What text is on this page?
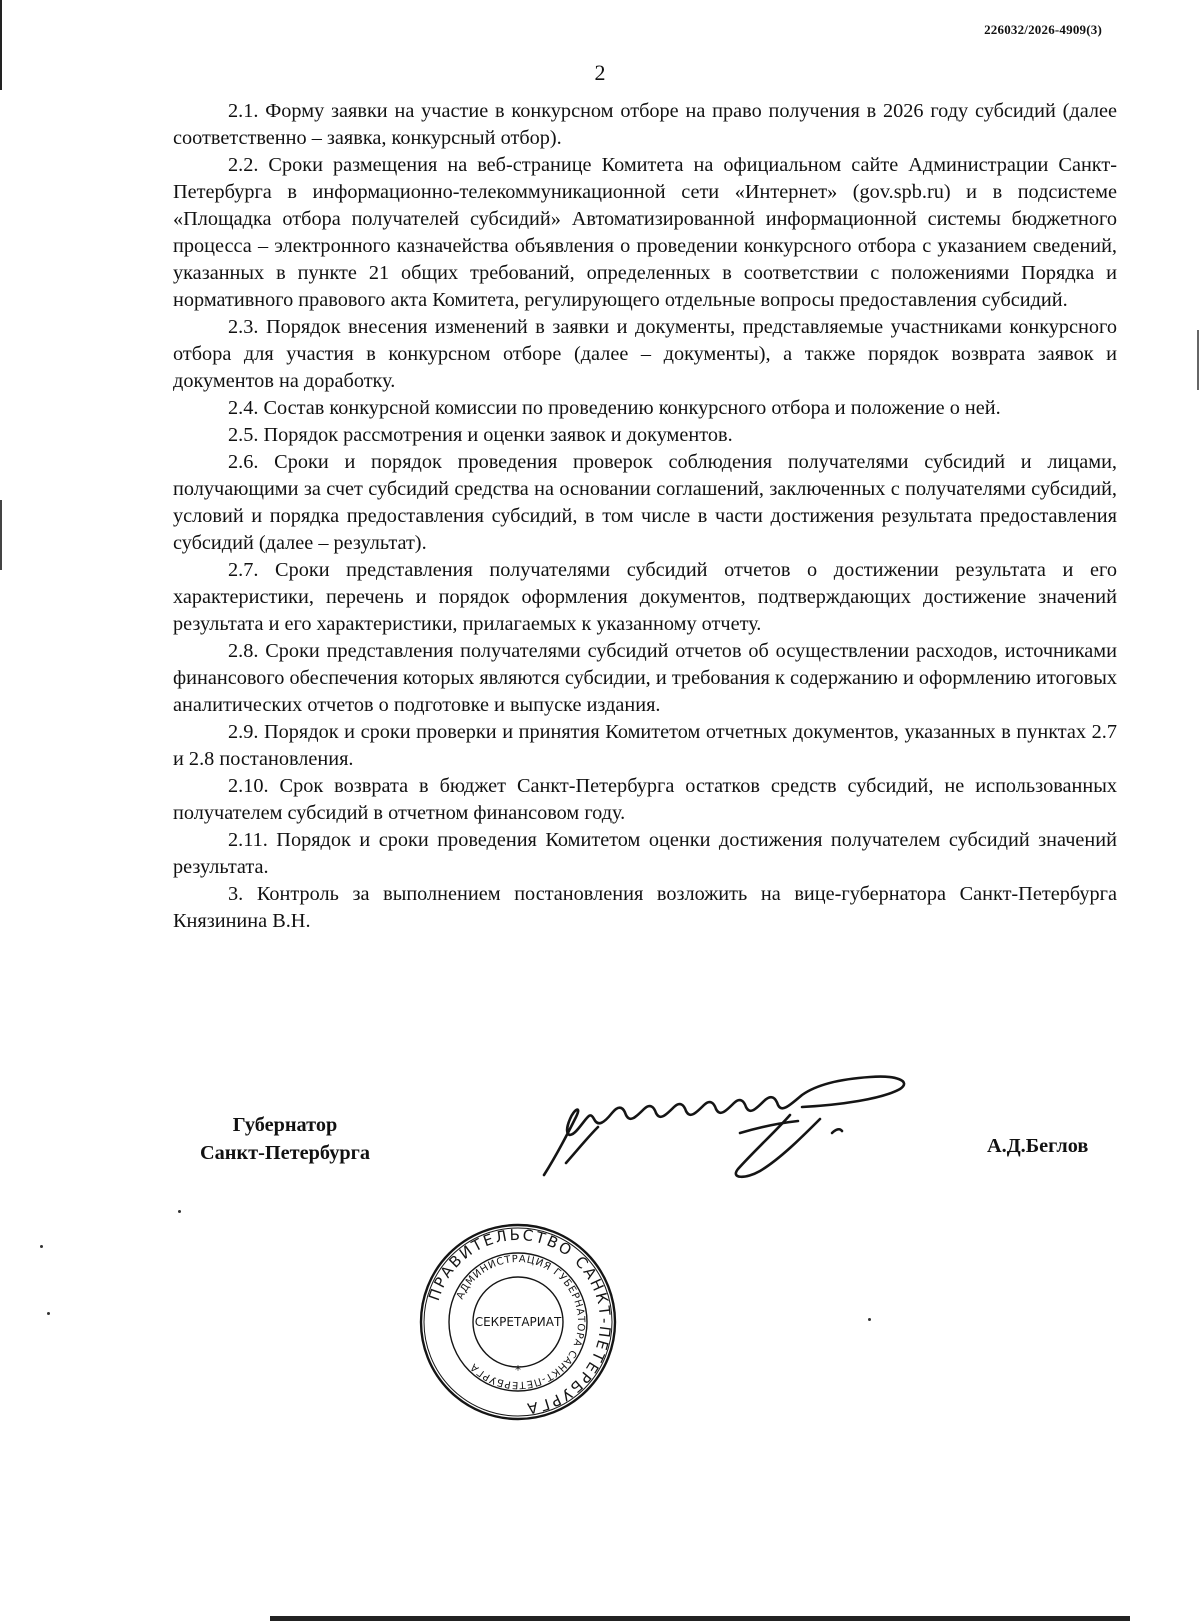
226032/2026-4909(3)
2

2.1. Форму заявки на участие в конкурсном отборе на право получения в 2026 году субсидий (далее соответственно – заявка, конкурсный отбор).

2.2. Сроки размещения на веб-странице Комитета на официальном сайте Администрации Санкт-Петербурга в информационно-телекоммуникационной сети «Интернет» (gov.spb.ru) и в подсистеме «Площадка отбора получателей субсидий» Автоматизированной информационной системы бюджетного процесса – электронного казначейства объявления о проведении конкурсного отбора с указанием сведений, указанных в пункте 21 общих требований, определенных в соответствии с положениями Порядка и нормативного правового акта Комитета, регулирующего отдельные вопросы предоставления субсидий.

2.3. Порядок внесения изменений в заявки и документы, представляемые участниками конкурсного отбора для участия в конкурсном отборе (далее – документы), а также порядок возврата заявок и документов на доработку.

2.4. Состав конкурсной комиссии по проведению конкурсного отбора и положение о ней.

2.5. Порядок рассмотрения и оценки заявок и документов.

2.6. Сроки и порядок проведения проверок соблюдения получателями субсидий и лицами, получающими за счет субсидий средства на основании соглашений, заключенных с получателями субсидий, условий и порядка предоставления субсидий, в том числе в части достижения результата предоставления субсидий (далее – результат).

2.7. Сроки представления получателями субсидий отчетов о достижении результата и его характеристики, перечень и порядок оформления документов, подтверждающих достижение значений результата и его характеристики, прилагаемых к указанному отчету.

2.8. Сроки представления получателями субсидий отчетов об осуществлении расходов, источниками финансового обеспечения которых являются субсидии, и требования к содержанию и оформлению итоговых аналитических отчетов о подготовке и выпуске издания.

2.9. Порядок и сроки проверки и принятия Комитетом отчетных документов, указанных в пунктах 2.7 и 2.8 постановления.

2.10. Срок возврата в бюджет Санкт-Петербурга остатков средств субсидий, не использованных получателем субсидий в отчетном финансовом году.

2.11. Порядок и сроки проведения Комитетом оценки достижения получателем субсидий значений результата.

3. Контроль за выполнением постановления возложить на вице-губернатора Санкт-Петербурга Князинина В.Н.

Губернатор
Санкт-Петербурга	А.Д.Беглов
ПРАВИТЕЛЬСТВО САНКТ-ПЕТЕРБУРГА
АДМИНИСТРАЦИЯ ГУБЕРНАТОРА САНКТ-ПЕТЕРБУРГА
СЕКРЕТАРИАТ
*
